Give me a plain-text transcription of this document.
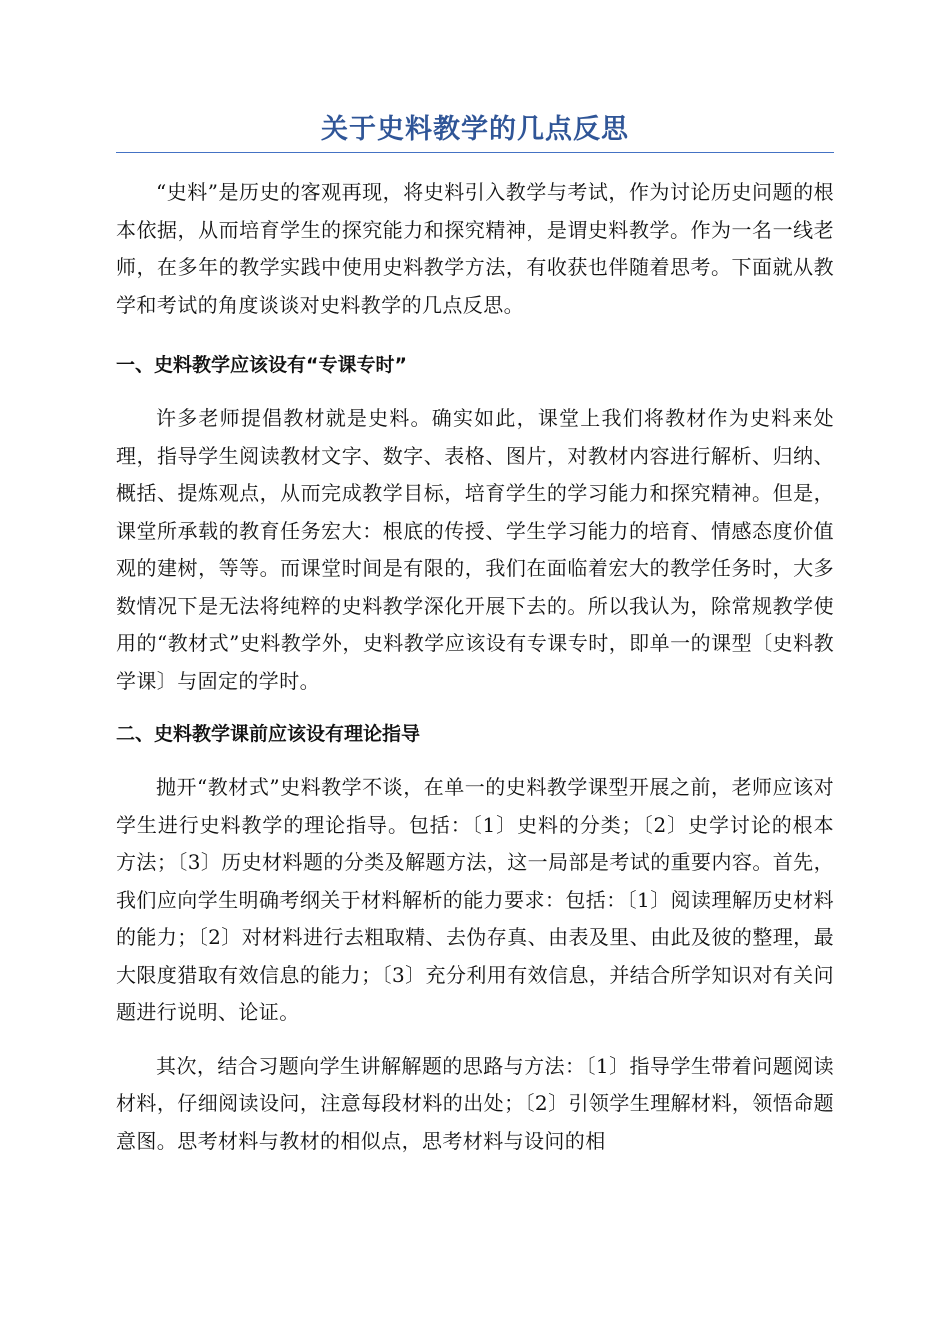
关于史料教学的几点反思

“史料”是历史的客观再现，将史料引入教学与考试，作为讨论历史问题的根本依据，从而培育学生的探究能力和探究精神，是谓史料教学。作为一名一线老师，在多年的教学实践中使用史料教学方法，有收获也伴随着思考。下面就从教学和考试的角度谈谈对史料教学的几点反思。

一、史料教学应该设有“专课专时”

许多老师提倡教材就是史料。确实如此，课堂上我们将教材作为史料来处理，指导学生阅读教材文字、数字、表格、图片，对教材内容进行解析、归纳、概括、提炼观点，从而完成教学目标，培育学生的学习能力和探究精神。但是，课堂所承载的教育任务宏大：根底的传授、学生学习能力的培育、情感态度价值观的建树，等等。而课堂时间是有限的，我们在面临着宏大的教学任务时，大多数情况下是无法将纯粹的史料教学深化开展下去的。所以我认为，除常规教学使用的“教材式”史料教学外，史料教学应该设有专课专时，即单一的课型〔史料教学课〕与固定的学时。

二、史料教学课前应该设有理论指导

抛开“教材式”史料教学不谈，在单一的史料教学课型开展之前，老师应该对学生进行史料教学的理论指导。包括：〔1〕史料的分类；〔2〕史学讨论的根本方法；〔3〕历史材料题的分类及解题方法，这一局部是考试的重要内容。首先，我们应向学生明确考纲关于材料解析的能力要求：包括：〔1〕阅读理解历史材料的能力；〔2〕对材料进行去粗取精、去伪存真、由表及里、由此及彼的整理，最大限度猎取有效信息的能力；〔3〕充分利用有效信息，并结合所学知识对有关问题进行说明、论证。

其次，结合习题向学生讲解解题的思路与方法：〔1〕指导学生带着问题阅读材料，仔细阅读设问，注意每段材料的出处；〔2〕引领学生理解材料，领悟命题意图。思考材料与教材的相似点，思考材料与设问的相
